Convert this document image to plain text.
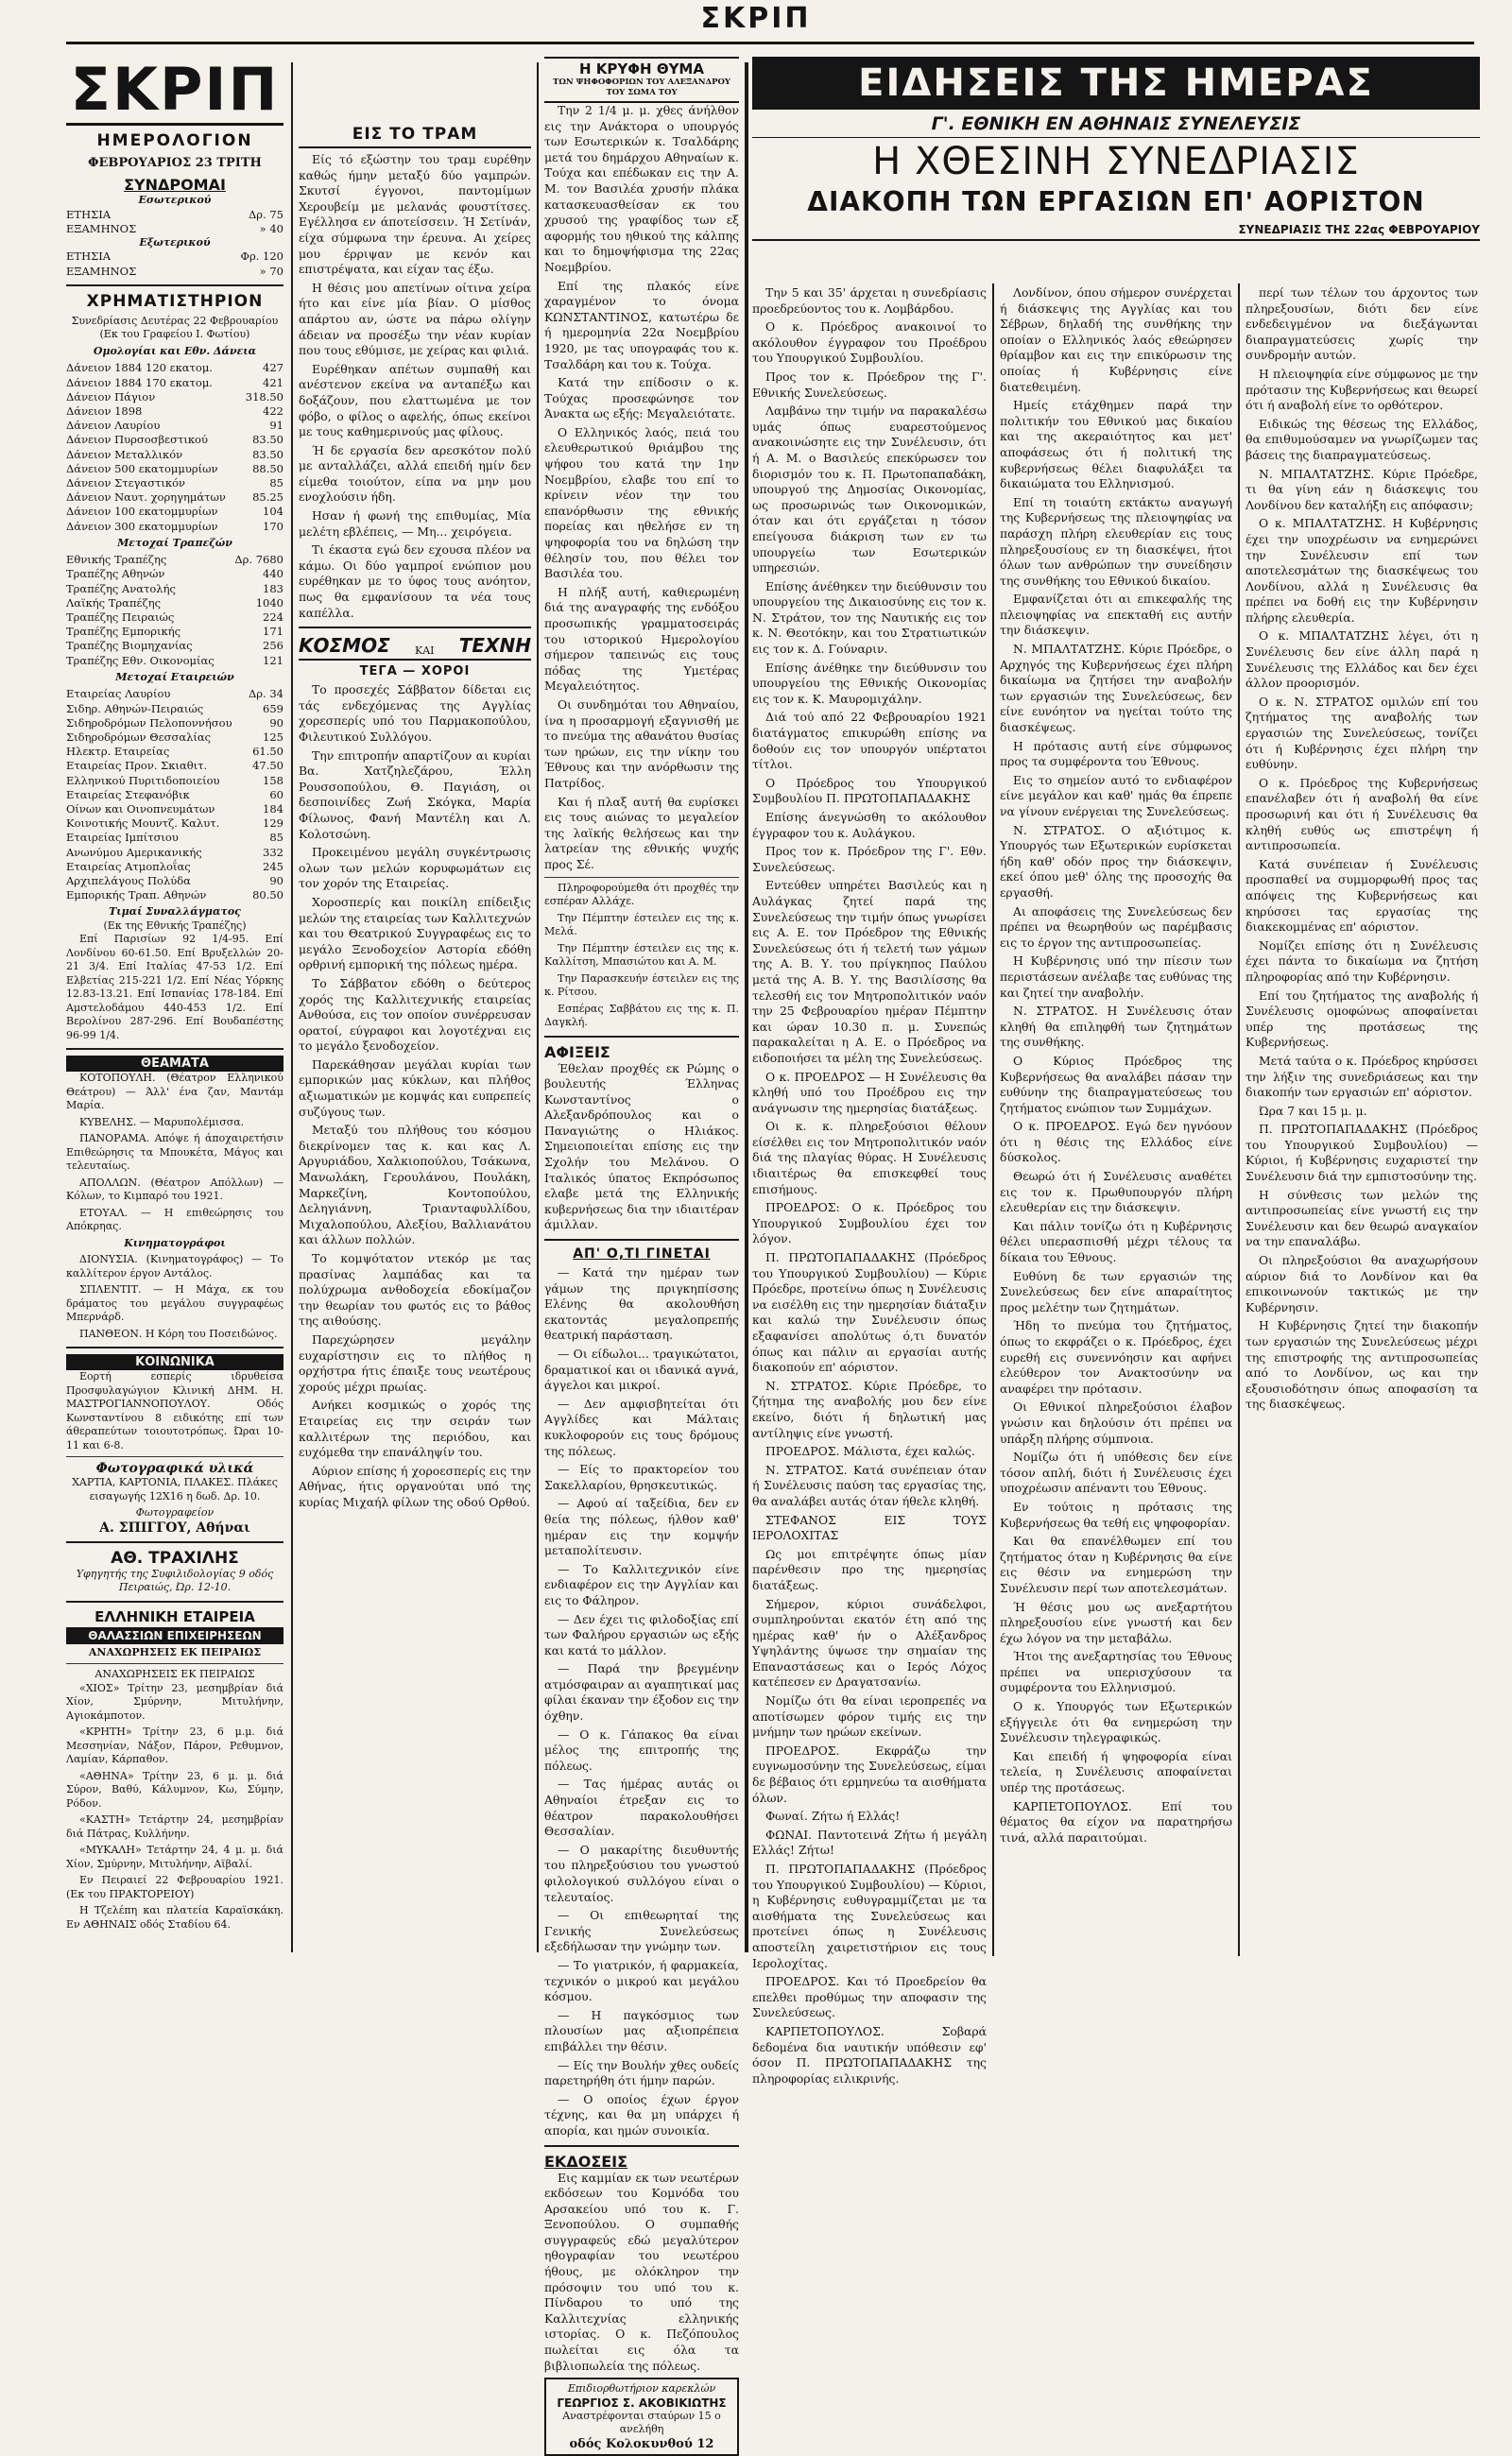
ΣΚΡΙΠ
ΣΚΡΙΠ
ΗΜΕΡΟΛΟΓΙΟΝ
ΦΕΒΡΟΥΑΡΙΟΣ 23 ΤΡΙΤΗ
ΣΥΝΔΡΟΜΑΙ
Εσωτερικού
ΕΤΗΣΙΑ	Δρ. 75
ΕΞΑΜΗΝΟΣ	» 40
Εξωτερικού
ΕΤΗΣΙΑ	Φρ. 120
ΕΞΑΜΗΝΟΣ	» 70
ΧΡΗΜΑΤΙΣΤΗΡΙΟΝ
Συνεδρίασις Δευτέρας 22 Φεβρουαρίου (Εκ του Γραφείου Ι. Φωτίου)
Ομολογίαι και Εθν. Δάνεια
Δάνειον 1884 120 εκατομ.	427
Δάνειον 1884 170 εκατομ.	421
Δάνειον Πάγιον	318.50
Δάνειον 1898	422
Δάνειον Λαυρίου	91
Δάνειον Πυρσοσβεστικού	83.50
Δάνειον Μεταλλικόν	83.50
Δάνειον 500 εκατομμυρίων	88.50
Δάνειον Στεγαστικόν	85
Δάνειον Ναυτ. χορηγημάτων	85.25
Δάνειον 100 εκατομμυρίων	104
Δάνειον 300 εκατομμυρίων	170
Μετοχαί Τραπεζών
Εθνικής Τραπέζης	Δρ. 7680
Τραπέζης Αθηνών	440
Τραπέζης Ανατολής	183
Λαϊκής Τραπέζης	1040
Τραπέζης Πειραιώς	224
Τραπέζης Εμπορικής	171
Τραπέζης Βιομηχανίας	256
Τραπέζης Εθν. Οικονομίας	121
Μετοχαί Εταιρειών
Εταιρείας Λαυρίου	Δρ. 34
Σιδηρ. Αθηνών-Πειραιώς	659
Σιδηροδρόμων Πελοποννήσου	90
Σιδηροδρόμων Θεσσαλίας	125
Ηλεκτρ. Εταιρείας	61.50
Εταιρείας Προν. Σκιαθιτ.	47.50
Ελληνικού Πυριτιδοποιείου	158
Εταιρείας Στεφανόβικ	60
Οίνων και Οινοπνευμάτων	184
Κοινοτικής Μουντζ. Καλυτ.	129
Εταιρείας Ιμπίτσιου	85
Ανωνύμου Αμερικανικής	332
Εταιρείας Ατμοπλοΐας	245
Αρχιπελάγους Πολύδα	90
Εμπορικής Τραπ. Αθηνών	80.50
Τιμαί Συναλλάγματος
(Εκ της Εθνικής Τραπέζης)

Επί Παρισίων 92 1/4-95. Επί Λονδίνου 60-61.50. Επί Βρυξελλών 20-21 3/4. Επί Ιταλίας 47-53 1/2. Επί Ελβετίας 215-221 1/2. Επί Νέας Υόρκης 12.83-13.21. Επί Ισπανίας 178-184. Επί Αμστελοδάμου 440-453 1/2. Επί Βερολίνου 287-296. Επί Βουδαπέστης 96-99 1/4.

ΘΕΑΜΑΤΑ

ΚΟΤΟΠΟΥΛΗ. (Θέατρον Ελληνικού Θεάτρου) — Άλλ' ένα ζαν, Μαντάμ Μαρία.

ΚΥΒΕΛΗΣ. — Μαρυπολέμισσα.

ΠΑΝΟΡΑΜΑ. Απόψε ή άποχαιρετήσιν Επιθεώρησις τα Μπουκέτα, Μάγος και τελευταίως.

ΑΠΟΛΛΩΝ. (Θέατρον Απόλλων) — Κόλων, το Κιμπαρό του 1921.

ΕΤΟΥΑΛ. — Η επιθεώρησις του Απόκρηας.

Κινηματογράφοι

ΔΙΟΝΥΣΙΑ. (Κινηματογράφος) — Το καλλίτερον έργον Αντάλος.

ΣΠΛΕΝΤΙΤ. — Η Μάχα, εκ του δράματος του μεγάλου συγγραφέως Μπερνάρδ.

ΠΑΝΘΕΟΝ. Η Κόρη του Ποσειδώνος.

ΚΟΙΝΩΝΙΚΑ

Εορτή εσπερίς ιδρυθείσα Προσφυλαγώγιον Κλινική ΔΗΜ. Η. ΜΑΣΤΡΟΓΙΑΝΝΟΠΟΥΛΟΥ. Οδός Κωνσταντίνου 8 ειδικότης επί των άθεραπεύτων τοιουτοτρόπως. Ώραι 10-11 και 6-8.

Φωτογραφικά υλικά

ΧΑΡΤΙΑ, ΚΑΡΤΟΝΙΑ, ΠΛΑΚΕΣ. Πλάκες εισαγωγής 12X16 η δωδ. Δρ. 10.

Φωτογραφείον
Α. ΣΠΙΓΓΟΥ, Αθήναι
ΑΘ. ΤΡΑΧΙΛΗΣ
Υφηγητής της Συφιλιδολογίας 9 οδός Πειραιώς, Ώρ. 12-10.
ΕΛΛΗΝΙΚΗ ΕΤΑΙΡΕΙΑ
ΘΑΛΑΣΣΙΩΝ ΕΠΙΧΕΙΡΗΣΕΩΝ
ΑΝΑΧΩΡΗΣΕΙΣ ΕΚ ΠΕΙΡΑΙΩΣ
ΑΝΑΧΩΡΗΣΕΙΣ ΕΚ ΠΕΙΡΑΙΩΣ

«ΧΙΟΣ» Τρίτην 23, μεσημβρίαν διά Χίον, Σμύρνην, Μιτυλήνην, Αγιοκάμποτον.

«ΚΡΗΤΗ» Τρίτην 23, 6 μ.μ. διά Μεσσηνίαν, Νάξον, Πάρον, Ρεθυμνον, Λαμίαν, Κάρπαθον.

«ΑΘΗΝΑ» Τρίτην 23, 6 μ. μ. διά Σύρον, Βαθύ, Κάλυμνον, Κω, Σύμην, Ρόδον.

«ΚΑΣΤΗ» Τετάρτην 24, μεσημβρίαν διά Πάτρας, Κυλλήνην.

«ΜΥΚΑΛΗ» Τετάρτην 24, 4 μ. μ. διά Χίον, Σμύρνην, Μιτυλήνην, Αϊβαλί.

Εν Πειραιεί 22 Φεβρουαρίου 1921. (Εκ του ΠΡΑΚΤΟΡΕΙΟΥ)

Η Τζελέπη και πλατεία Καραϊσκάκη. Εν ΑΘΗΝΑΙΣ οδός Σταδίου 64.

ΕΙΣ ΤΟ ΤΡΑΜ

Είς τό εξώστην του τραμ ευρέθην καθώς ήμην μεταξύ δύο γαμπρών. Σκυτσί έγγονοι, παντομίμων Χερουβείμ με μελανάς φουστίτσες. Εγέλλησα εν άποτείσσειν. Ή Σετίνάν, είχα σύμφωνα την έρευνα. Αι χείρες μου έρριψαν με κενόν και επιστρέψατα, και είχαν τας έξω.

Η θέσις μου απετίνων οίτινα χείρα ήτο και είνε μία βίαν. Ο μίσθος απάρτου αν, ώστε να πάρω ολίγην άδειαν να προσέξω την νέαν κυρίαν που τους εθύμισε, με χείρας και φιλιά.

Ευρέθηκαν απέτων συμπαθή και ανέστενον εκείνα να ανταπέξω και δοξάζουν, που ελαττωμένα με τον φόβο, ο φίλος ο αφελής, όπως εκείνοι με τους καθημερινούς μας φίλους.

Ή δε εργασία δεν αρεσκότον πολύ με ανταλλάζει, αλλά επειδή ημίν δεν είμεθα τοιούτον, είπα να μην μου ενοχλούσιν ήδη.

Ησαν ή φωνή της επιθυμίας, Μία μελέτη εβλέπεις, — Μη... χειρόγεια.

Τι έκαστα εγώ δεν εχουσα πλέον να κάμω. Οι δύο γαμπροί ενώπιον μου ευρέθηκαν με το ύφος τους ανόητον, πως θα εμφανίσουν τα νέα τους καπέλλα.

ΚΟΣΜΟΣ ΚΑΙ ΤΕΧΝΗ
ΤΕΓΑ — ΧΟΡΟΙ

Το προσεχές Σάββατον δίδεται εις τάς ενδεχόμενας της Αγγλίας χορεσπερίς υπό του Παρμακοπούλου, Φιλευτικού Συλλόγου.

Την επιτροπήν απαρτίζουν αι κυρίαι Βα. Χατζηλεζάρου, Έλλη Ρουσσοπούλου, Θ. Παγιάση, οι δεσποινίδες Ζωή Σκόγκα, Μαρία Φίλωνος, Φανή Μαντέλη και Λ. Κολοτσώνη.

Προκειμένου μεγάλη συγκέντρωσις ολων των μελών κορυφωμάτων εις τον χορόν της Εταιρείας.

Χοροσπερίς και ποικίλη επίδειξις μελών της εταιρείας των Καλλιτεχνών και του Θεατρικού Συγγραφέως εις το μεγάλο Ξενοδοχείον Αστορία εδόθη ορθρινή εμπορική της πόλεως ημέρα.

Το Σάββατον εδόθη ο δεύτερος χορός της Καλλιτεχνικής εταιρείας Ανθούσα, εις τον οποίον συνέρρευσαν ορατοί, εύγραφοι και λογοτέχναι εις το μεγάλο ξενοδοχείον.

Παρεκάθησαν μεγάλαι κυρίαι των εμπορικών μας κύκλων, και πλήθος αξιωματικών με κομψάς και ευπρεπείς συζύγους των.

Μεταξύ του πλήθους του κόσμου διεκρίνομεν τας κ. και κας Λ. Αργυριάδου, Χαλκιοπούλου, Τσάκωνα, Μανωλάκη, Γερουλάνου, Πουλάκη, Μαρκεζίνη, Κοντοπούλου, Δεληγιάννη, Τριανταφυλλίδου, Μιχαλοπούλου, Αλεξίου, Βαλλιανάτου και άλλων πολλών.

Το κομψότατον ντεκόρ με τας πρασίνας λαμπάδας και τα πολύχρωμα ανθοδοχεία εδοκίμαζον την θεωρίαν του φωτός εις το βάθος της αιθούσης.

Παρεχώρησεν μεγάλην ευχαρίστησιν εις το πλήθος η ορχήστρα ήτις έπαιξε τους νεωτέρους χορούς μέχρι πρωίας.

Ανήκει κοσμικώς ο χορός της Εταιρείας εις την σειράν των καλλιτέρων της περιόδου, και ευχόμεθα την επανάληψίν του.

Αύριον επίσης ή χοροεσπερίς εις την Αθήνας, ήτις οργανούται υπό της κυρίας Μιχαήλ φίλων της οδού Ορθού.

Η ΚΡΥΦΗ ΘΥΜΑ
ΤΩΝ ΨΗΦΟΦΟΡΙΩΝ ΤΟΥ ΑΛΕΞΑΝΔΡΟΥ ΤΟΥ ΣΩΜΑ ΤΟΥ

Την 2 1/4 μ. μ. χθες άνήλθον εις την Ανάκτορα ο υπουργός των Εσωτερικών κ. Τσαλδάρης μετά του δημάρχου Αθηναίων κ. Τούχα και επέδωκαν εις την Α. Μ. τον Βασιλέα χρυσήν πλάκα κατασκευασθείσαν εκ του χρυσού της γραφίδος των εξ αφορμής του ηθικού της κάλπης και το δημοψήφισμα της 22ας Νοεμβρίου.

Επί της πλακός είνε χαραγμένον το όνομα ΚΩΝΣΤΑΝΤΙΝΟΣ, κατωτέρω δε ή ημερομηνία 22α Νοεμβρίου 1920, με τας υπογραφάς του κ. Τσαλδάρη και του κ. Τούχα.

Κατά την επίδοσιν ο κ. Τούχας προσεφώνησε τον Άνακτα ως εξής: Μεγαλειότατε.

Ο Ελληνικός λαός, πειά του ελευθερωτικού θριάμβου της ψήφου του κατά την 1ην Νοεμβρίου, ελαβε του επί το κρίνειν νέον την του επανόρθωσιν της εθνικής πορείας και ηθελήσε εν τη ψηφοφορία του να δηλώση την θέλησίν του, που θέλει τον Βασιλέα του.

Η πλήξ αυτή, καθιερωμένη διά της αναγραφής της ενδόξου προσωπικής γραμματοσειράς του ιστορικού Ημερολογίου σήμερον ταπεινώς εις τους πόδας της Υμετέρας Μεγαλειότητος.

Οι συνδημόται του Αθηναίου, ίνα η προσαρμογή εξαγνισθή με το πνεύμα της αθανάτου θυσίας των ηρώων, εις την νίκην του Έθνους και την ανόρθωσιν της Πατρίδος.

Και ή πλαξ αυτή θα ευρίσκει εις τους αιώνας το μεγαλείον της λαϊκής θελήσεως και την λατρείαν της εθνικής ψυχής προς Σέ.

Πληροφορούμεθα ότι προχθές την εσπέραν Αλλάχε.

Την Πέμπτην έστειλεν εις της κ. Μελά.

Την Πέμπτην έστειλεν εις της κ. Καλλίτση, Μπασιώτου και Α. Μ.

Την Παρασκευήν έστειλεν εις της κ. Ρίτσου.

Εσπέρας Σαββάτου εις της κ. Π. Δαγκλή.

ΑΦΙΞΕΙΣ

Έθελαν προχθές εκ Ρώμης ο βουλευτής Έλληνας Κωνσταντίνος ο Αλεξανδρόπουλος και ο Παναγιώτης ο Ηλιάκος. Σημειοποιείται επίσης εις την Σχολήν του Μελάνου. Ο Ιταλικός ύπατος Εκπρόσωπος ελαβε μετά της Ελληνικής κυβερνήσεως δια την ιδιαιτέραν άμιλλαν.

ΑΠ' Ο,ΤΙ ΓΙΝΕΤΑΙ

— Κατά την ημέραν των γάμων της πριγκηπίσσης Ελένης θα ακολουθήση εκατοντάς μεγαλοπρεπής θεατρική παράσταση.

— Οι είδωλοι... τραγικώτατοι, δραματικοί και οι ιδανικά αγνά, άγγελοι και μικροί.

— Δεν αμφισβητείται ότι Αγγλίδες και Μάλταις κυκλοφορούν εις τους δρόμους της πόλεως.

— Είς το πρακτορείον του Σακελλαρίου, θρησκευτικώς.

— Αφού αί ταξείδια, δεν εν θεία της πόλεως, ήλθον καθ' ημέραν εις την κομψήν μεταπολίτευσιν.

— Το Καλλιτεχνικόν είνε ενδιαφέρον εις την Αγγλίαν και εις το Φάληρον.

— Δεν έχει τις φιλοδοξίας επί των Φαλήρου εργασιών ως εξής και κατά το μάλλον.

— Παρά την βρεγμένην ατμόσφαιραν αι αγαπητικαί μας φίλαι έκαναν την έξοδον εις την όχθην.

— Ο κ. Γάπακος θα είναι μέλος της επιτροπής της πόλεως.

— Τας ήμέρας αυτάς οι Αθηναίοι έτρεξαν εις το θέατρον παρακολουθήσει Θεσσαλίαν.

— Ο μακαρίτης διευθυντής του πληρεξούσιου του γνωστού φιλολογικού συλλόγου είναι ο τελευταίος.

— Οι επιθεωρηταί της Γενικής Συνελεύσεως εξεδήλωσαν την γνώμην των.

— Το γιατρικόν, ή φαρμακεία, τεχνικόν ο μικρού και μεγάλου κόσμου.

— Η παγκόσμιος των πλουσίων μας αξιοπρέπεια επιβάλλει την θέσιν.

— Είς την Βουλήν χθες ουδείς παρετηρήθη ότι ήμην παρών.

— Ο οποίος έχων έργον τέχνης, και θα μη υπάρχει ή απορία, και ημών συνοικία.

ΕΚΔΟΣΕΙΣ

Εις καμμίαν εκ των νεωτέρων εκδόσεων του Κομνόδα του Αρσακείου υπό του κ. Γ. Ξενοπούλου. Ο συμπαθής συγγραφεύς εδώ μεγαλύτερον ηθογραφίαν του νεωτέρου ήθους, με ολόκληρον την πρόσοψιν του υπό του κ. Πίνδαρου το υπό της Καλλιτεχνίας ελληνικής ιστορίας. Ο κ. Πεζόπουλος πωλείται εις όλα τα βιβλιοπωλεία της πόλεως.

Επιδιορθωτήριον καρεκλών
ΓΕΩΡΓΙΟΣ Σ. ΑΚΟΒΙΚΙΩΤΗΣ
Αναστρέφονται σταύρων 15 ο ανελήθη
οδός Κολοκυνθού 12
ΕΙΔΗΣΕΙΣ ΤΗΣ ΗΜΕΡΑΣ
Γ'. ΕΘΝΙΚΗ ΕΝ ΑΘΗΝΑΙΣ ΣΥΝΕΛΕΥΣΙΣ
Η ΧΘΕΣΙΝΗ ΣΥΝΕΔΡΙΑΣΙΣ
ΔΙΑΚΟΠΗ ΤΩΝ ΕΡΓΑΣΙΩΝ ΕΠ' ΑΟΡΙΣΤΟΝ
ΣΥΝΕΔΡΙΑΣΙΣ ΤΗΣ 22ας ΦΕΒΡΟΥΑΡΙΟΥ

Την 5 και 35' άρχεται η συνεδρίασις προεδρεύοντος του κ. Λομβάρδου.

Ο κ. Πρόεδρος ανακοινοί το ακόλουθον έγγραφον του Προέδρου του Υπουργικού Συμβουλίου.

Προς τον κ. Πρόεδρον της Γ'. Εθνικής Συνελεύσεως.

Λαμβάνω την τιμήν να παρακαλέσω υμάς όπως ευαρεστούμενος ανακοινώσητε εις την Συνέλευσιν, ότι ή Α. Μ. ο Βασιλεύς επεκύρωσεν τον διορισμόν του κ. Π. Πρωτοπαπαδάκη, υπουργού της Δημοσίας Οικονομίας, ως προσωρινώς των Οικονομικών, όταν και ότι εργάζεται η τόσον επείγουσα διάκριση των εν τω υπουργείω των Εσωτερικών υπηρεσιών.

Επίσης άνέθηκεν την διεύθυνσιν του υπουργείου της Δικαιοσύνης εις τον κ. Ν. Στράτον, τον της Ναυτικής εις τον κ. Ν. Θεοτόκην, και του Στρατιωτικών εις τον κ. Δ. Γούναριν.

Επίσης άνέθηκε την διεύθυνσιν του υπουργείου της Εθνικής Οικονομίας εις τον κ. Κ. Μαυρομιχάλην.

Διά τού από 22 Φεβρουαρίου 1921 διατάγματος επικυρώθη επίσης να δοθούν εις τον υπουργόν υπέρτατοι τίτλοι.

Ο Πρόεδρος του Υπουργικού Συμβουλίου Π. ΠΡΩΤΟΠΑΠΑΔΑΚΗΣ

Επίσης άνεγνώσθη το ακόλουθον έγγραφον του κ. Αυλάγκου.

Προς τον κ. Πρόεδρον της Γ'. Εθν. Συνελεύσεως.

Εντεύθεν υπηρέτει Βασιλεύς και η Αυλάγκας ζητεί παρά της Συνελεύσεως την τιμήν όπως γνωρίσει εις Α. Ε. τον Πρόεδρον της Εθνικής Συνελεύσεως ότι ή τελετή των γάμων της Α. Β. Υ. του πρίγκηπος Παύλου μετά της Α. Β. Υ. της Βασιλίσσης θα τελεσθή εις τον Μητροπολιτικόν ναόν την 25 Φεβρουαρίου ημέραν Πέμπτην και ώραν 10.30 π. μ. Συνεπώς παρακαλείται η Α. Ε. ο Πρόεδρος να ειδοποιήσει τα μέλη της Συνελεύσεως.

Ο κ. ΠΡΟΕΔΡΟΣ — Η Συνέλευσις θα κληθή υπό του Προέδρου εις την ανάγνωσιν της ημερησίας διατάξεως.

Οι κ. κ. πληρεξούσιοι θέλουν είσέλθει εις τον Μητροπολιτικόν ναόν διά της πλαγίας θύρας. Η Συνέλευσις ιδιαιτέρως θα επισκεφθεί τους επισήμους.

ΠΡΟΕΔΡΟΣ: Ο κ. Πρόεδρος του Υπουργικού Συμβουλίου έχει τον λόγον.

Π. ΠΡΩΤΟΠΑΠΑΔΑΚΗΣ (Πρόεδρος του Υπουργικού Συμβουλίου) — Κύριε Πρόεδρε, προτείνω όπως η Συνέλευσις να εισέλθη εις την ημερησίαν διάταξιν και καλώ την Συνέλευσιν όπως εξαφανίσει απολύτως ό,τι δυνατόν όπως και πάλιν αι εργασίαι αυτής διακοπούν επ' αόριστον.

Ν. ΣΤΡΑΤΟΣ. Κύριε Πρόεδρε, το ζήτημα της αναβολής μου δεν είνε εκείνο, διότι ή δηλωτική μας αντίληψις είνε γνωστή.

ΠΡΟΕΔΡΟΣ. Μάλιστα, έχει καλώς.

Ν. ΣΤΡΑΤΟΣ. Κατά συνέπειαν όταν ή Συνέλευσις παύση τας εργασίας της, θα αναλάβει αυτάς όταν ήθελε κληθή.

ΣΤΕΦΑΝΟΣ ΕΙΣ ΤΟΥΣ ΙΕΡΟΛΟΧΙΤΑΣ

Ως μοι επιτρέψητε όπως μίαν παρένθεσιν προ της ημερησίας διατάξεως.

Σήμερον, κύριοι συνάδελφοι, συμπληρούνται εκατόν έτη από της ημέρας καθ' ήν ο Αλέξανδρος Υψηλάντης ύψωσε την σημαίαν της Επαναστάσεως και ο Ιερός Λόχος κατέπεσεν εν Δραγατσανίω.

Νομίζω ότι θα είναι ιεροπρεπές να αποτίσωμεν φόρον τιμής εις την μνήμην των ηρώων εκείνων.

ΠΡΟΕΔΡΟΣ. Εκφράζω την ευγνωμοσύνην της Συνελεύσεως, είμαι δε βέβαιος ότι ερμηνεύω τα αισθήματα όλων.

Φωναί. Ζήτω ή Ελλάς!

ΦΩΝΑΙ. Παντοτεινά Ζήτω ή μεγάλη Ελλάς! Ζήτω!

Π. ΠΡΩΤΟΠΑΠΑΔΑΚΗΣ (Πρόεδρος του Υπουργικού Συμβουλίου) — Κύριοι, η Κυβέρνησις ευθυγραμμίζεται με τα αισθήματα της Συνελεύσεως και προτείνει όπως η Συνέλευσις αποστείλη χαιρετιστήριον εις τους Ιερολοχίτας.

ΠΡΟΕΔΡΟΣ. Και τό Προεδρείον θα επελθει προθύμως την αποφασιν της Συνελεύσεως.

ΚΑΡΠΕΤΟΠΟΥΛΟΣ. Σοβαρά δεδομένα δια ναυτικήν υπόθεσιν εφ' όσον Π. ΠΡΩΤΟΠΑΠΑΔΑΚΗΣ της πληροφορίας ειλικρινής.

Λονδίνον, όπου σήμερον συνέρχεται ή διάσκεψις της Αγγλίας και του Σέβρων, δηλαδή της συνθήκης την οποίαν ο Ελληνικός λαός εθεώρησεν θρίαμβον και εις την επικύρωσιν της οποίας ή Κυβέρνησις είνε διατεθειμένη.

Ημείς ετάχθημεν παρά την πολιτικήν του Εθνικού μας δικαίου και της ακεραιότητος και μετ' αποφάσεως ότι ή πολιτική της κυβερνήσεως θέλει διαφυλάξει τα δικαιώματα του Ελληνισμού.

Επί τη τοιαύτη εκτάκτω αναγωγή της Κυβερνήσεως της πλειοψηφίας να παράσχη πλήρη ελευθερίαν εις τους πληρεξουσίους εν τη διασκέψει, ήτοι όλων των ανθρώπων την συνείδησιν της συνθήκης του Εθνικού δικαίου.

Εμφανίζεται ότι αι επικεφαλής της πλειοψηφίας να επεκταθή εις αυτήν την διάσκεψιν.

Ν. ΜΠΑΛΤΑΤΖΗΣ. Κύριε Πρόεδρε, ο Αρχηγός της Κυβερνήσεως έχει πλήρη δικαίωμα να ζητήσει την αναβολήν των εργασιών της Συνελεύσεως, δεν είνε ευνόητον να ηγείται τούτο της διασκέψεως.

Η πρότασις αυτή είνε σύμφωνος προς τα συμφέροντα του Έθνους.

Εις το σημείον αυτό το ενδιαφέρον είνε μεγάλον και καθ' ημάς θα έπρεπε να γίνουν ενέργειαι της Συνελεύσεως.

Ν. ΣΤΡΑΤΟΣ. Ο αξιότιμος κ. Υπουργός των Εξωτερικών ευρίσκεται ήδη καθ' οδόν προς την διάσκεψιν, εκεί όπου μεθ' όλης της προσοχής θα εργασθή.

Αι αποφάσεις της Συνελεύσεως δεν πρέπει να θεωρηθούν ως παρέμβασις εις το έργον της αντιπροσωπείας.

Η Κυβέρνησις υπό την πίεσιν των περιστάσεων ανέλαβε τας ευθύνας της και ζητεί την αναβολήν.

Ν. ΣΤΡΑΤΟΣ. Η Συνέλευσις όταν κληθή θα επιληφθή των ζητημάτων της συνθήκης.

Ο Κύριος Πρόεδρος της Κυβερνήσεως θα αναλάβει πάσαν την ευθύνην της διαπραγματεύσεως του ζητήματος ενώπιον των Συμμάχων.

Ο κ. ΠΡΟΕΔΡΟΣ. Εγώ δεν ηγνόουν ότι η θέσις της Ελλάδος είνε δύσκολος.

Θεωρώ ότι ή Συνέλευσις αναθέτει εις τον κ. Πρωθυπουργόν πλήρη ελευθερίαν εις την διάσκεψιν.

Και πάλιν τονίζω ότι η Κυβέρνησις θέλει υπερασπισθή μέχρι τέλους τα δίκαια του Έθνους.

Ευθύνη δε των εργασιών της Συνελεύσεως δεν είνε απαραίτητος προς μελέτην των ζητημάτων.

Ήδη το πνεύμα του ζητήματος, όπως το εκφράζει ο κ. Πρόεδρος, έχει ευρεθή εις συνεννόησιν και αφήνει ελεύθερον τον Ανακτοσύνην να αναφέρει την πρότασιν.

Οι Εθνικοί πληρεξούσιοι έλαβον γνώσιν και δηλούσιν ότι πρέπει να υπάρξη πλήρης σύμπνοια.

Νομίζω ότι ή υπόθεσις δεν είνε τόσον απλή, διότι ή Συνέλευσις έχει υποχρέωσιν απέναντι του Έθνους.

Εν τούτοις η πρότασις της Κυβερνήσεως θα τεθή εις ψηφοφορίαν.

Και θα επανέλθωμεν επί του ζητήματος όταν η Κυβέρνησις θα είνε εις θέσιν να ενημερώση την Συνέλευσιν περί των αποτελεσμάτων.

Ή θέσις μου ως ανεξαρτήτου πληρεξουσίου είνε γνωστή και δεν έχω λόγον να την μεταβάλω.

Ήτοι της ανεξαρτησίας του Έθνους πρέπει να υπερισχύσουν τα συμφέροντα του Ελληνισμού.

Ο κ. Υπουργός των Εξωτερικών εξήγγειλε ότι θα ενημερώση την Συνέλευσιν τηλεγραφικώς.

Και επειδή ή ψηφοφορία είναι τελεία, η Συνέλευσις αποφαίνεται υπέρ της προτάσεως.

ΚΑΡΠΕΤΟΠΟΥΛΟΣ. Επί του θέματος θα είχον να παρατηρήσω τινά, αλλά παραιτούμαι.

περί των τέλων του άρχοντος των πληρεξουσίων, διότι δεν είνε ενδεδειγμένον να διεξάγωνται διαπραγματεύσεις χωρίς την συνδρομήν αυτών.

Η πλειοψηφία είνε σύμφωνος με την πρότασιν της Κυβερνήσεως και θεωρεί ότι ή αναβολή είνε το ορθότερον.

Ειδικώς της θέσεως της Ελλάδος, θα επιθυμούσαμεν να γνωρίζωμεν τας βάσεις της διαπραγματεύσεως.

Ν. ΜΠΑΛΤΑΤΖΗΣ. Κύριε Πρόεδρε, τι θα γίνη εάν η διάσκεψις του Λονδίνου δεν καταλήξη εις απόφασιν;

Ο κ. ΜΠΑΛΤΑΤΖΗΣ. Η Κυβέρνησις έχει την υποχρέωσιν να ενημερώνει την Συνέλευσιν επί των αποτελεσμάτων της διασκέψεως του Λονδίνου, αλλά η Συνέλευσις θα πρέπει να δοθή εις την Κυβέρνησιν πλήρης ελευθερία.

Ο κ. ΜΠΑΛΤΑΤΖΗΣ λέγει, ότι η Συνέλευσις δεν είνε άλλη παρά η Συνέλευσις της Ελλάδος και δεν έχει άλλον προορισμόν.

Ο κ. Ν. ΣΤΡΑΤΟΣ ομιλών επί του ζητήματος της αναβολής των εργασιών της Συνελεύσεως, τονίζει ότι ή Κυβέρνησις έχει πλήρη την ευθύνην.

Ο κ. Πρόεδρος της Κυβερνήσεως επανέλαβεν ότι ή αναβολή θα είνε προσωρινή και ότι ή Συνέλευσις θα κληθή ευθύς ως επιστρέψη ή αντιπροσωπεία.

Κατά συνέπειαν ή Συνέλευσις προσπαθεί να συμμορφωθή προς τας απόψεις της Κυβερνήσεως και κηρύσσει τας εργασίας της διακεκομμένας επ' αόριστον.

Νομίζει επίσης ότι η Συνέλευσις έχει πάντα το δικαίωμα να ζητήση πληροφορίας από την Κυβέρνησιν.

Επί του ζητήματος της αναβολής ή Συνέλευσις ομοφώνως αποφαίνεται υπέρ της προτάσεως της Κυβερνήσεως.

Μετά ταύτα ο κ. Πρόεδρος κηρύσσει την λήξιν της συνεδριάσεως και την διακοπήν των εργασιών επ' αόριστον.

Ώρα 7 και 15 μ. μ.

Π. ΠΡΩΤΟΠΑΠΑΔΑΚΗΣ (Πρόεδρος του Υπουργικού Συμβουλίου) — Κύριοι, ή Κυβέρνησις ευχαριστεί την Συνέλευσιν διά την εμπιστοσύνην της.

Η σύνθεσις των μελών της αντιπροσωπείας είνε γνωστή εις την Συνέλευσιν και δεν θεωρώ αναγκαίον να την επαναλάβω.

Οι πληρεξούσιοι θα αναχωρήσουν αύριον διά το Λονδίνον και θα επικοινωνούν τακτικώς με την Κυβέρνησιν.

Η Κυβέρνησις ζητεί την διακοπήν των εργασιών της Συνελεύσεως μέχρι της επιστροφής της αντιπροσωπείας από το Λονδίνον, ως και την εξουσιοδότησιν όπως αποφασίση τα της διασκέψεως.
